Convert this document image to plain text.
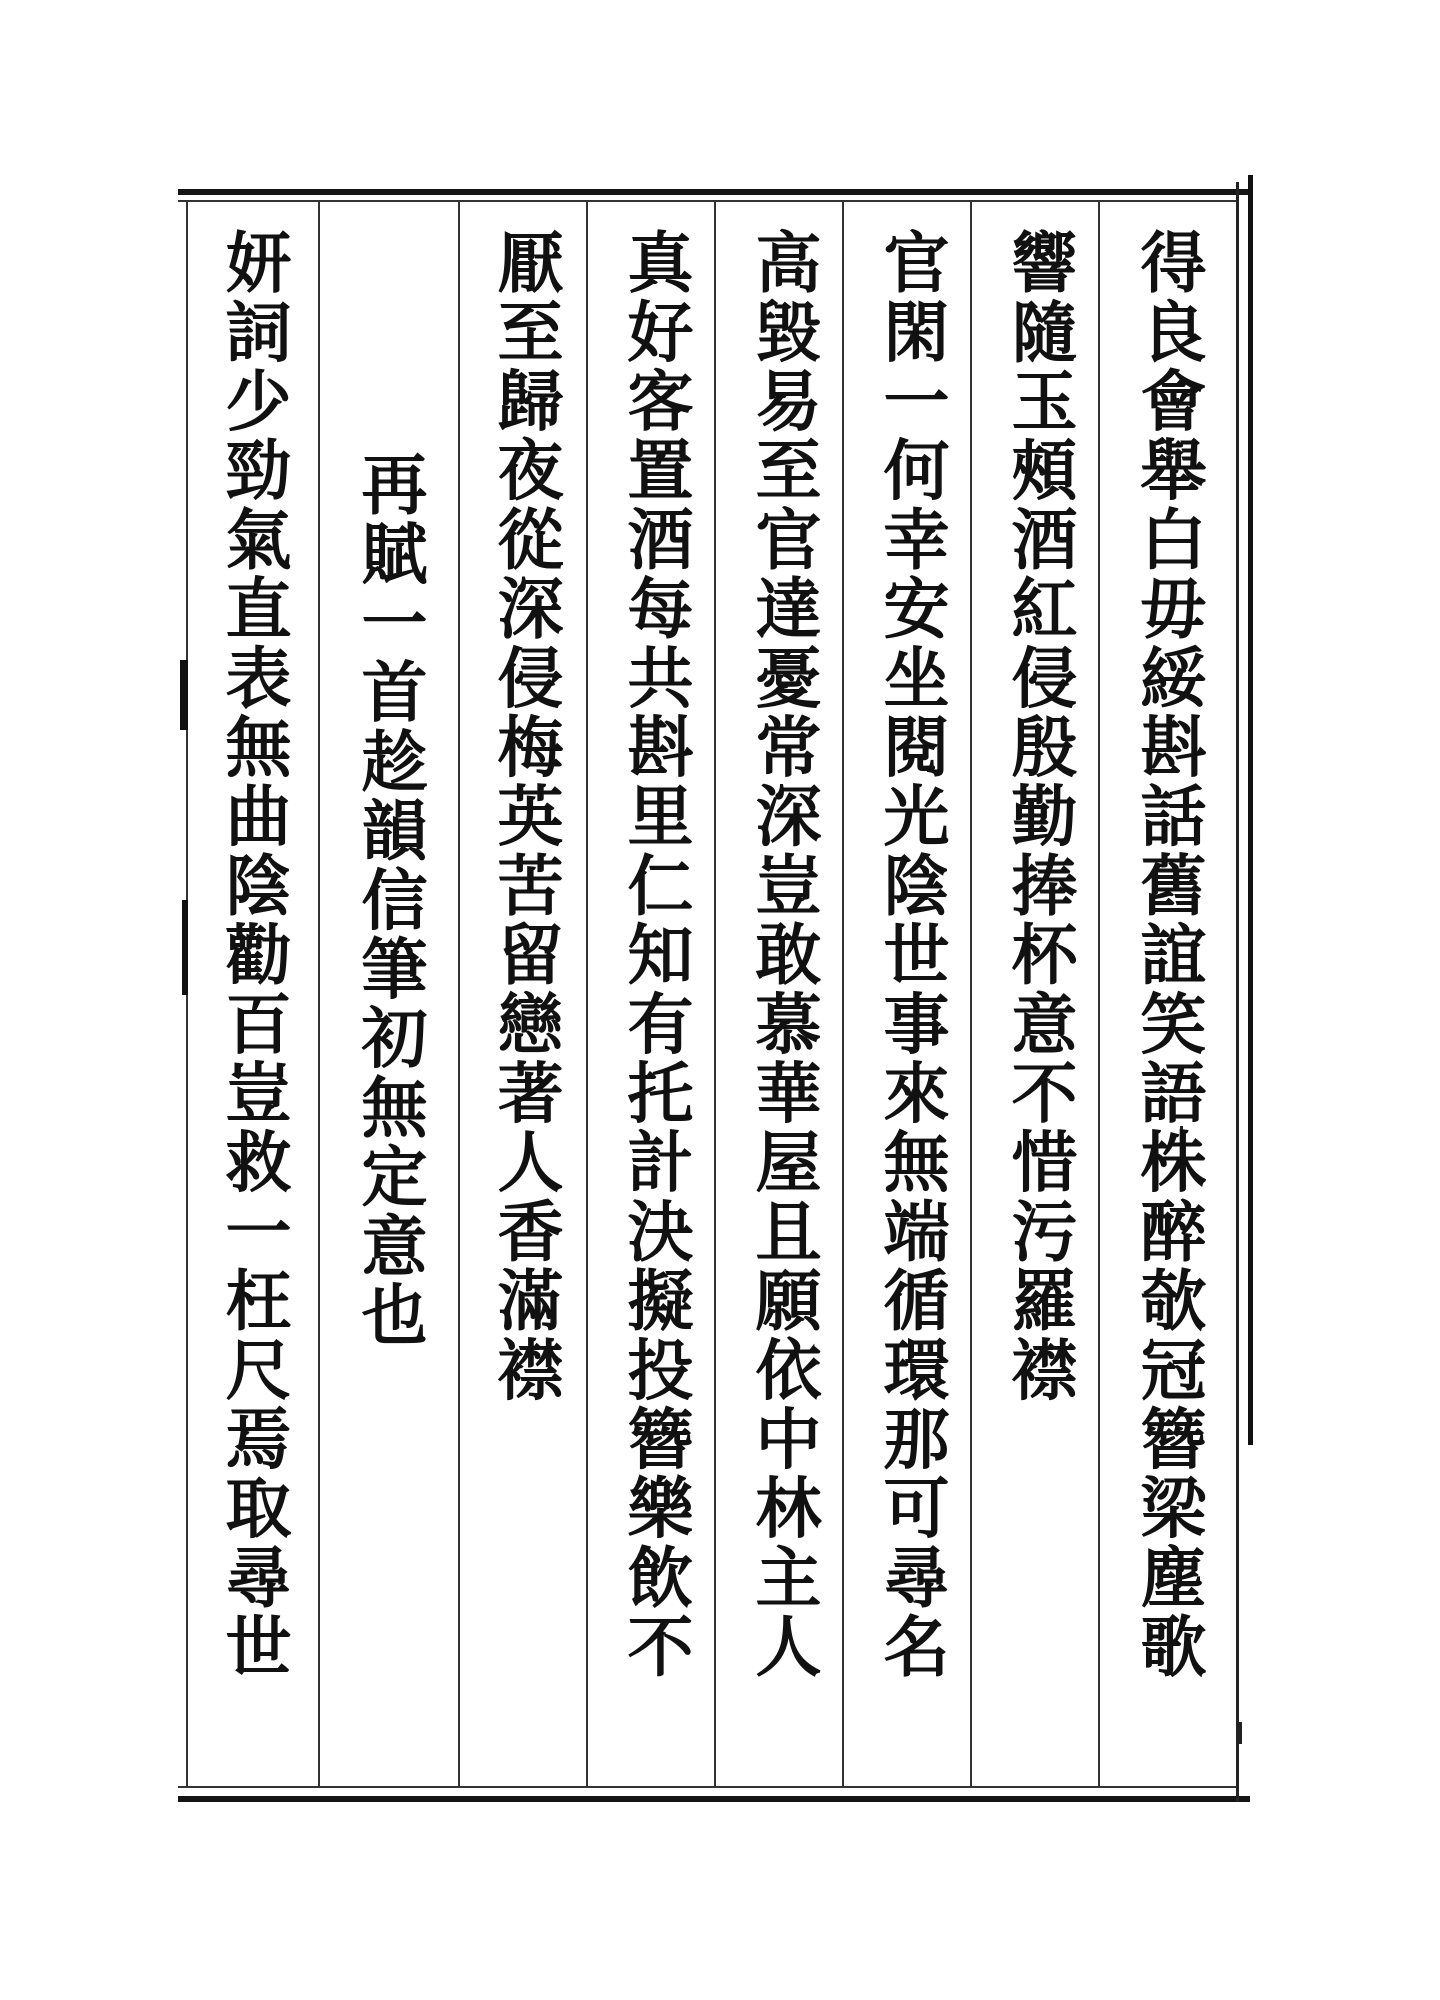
得良會舉白毋綏斟話舊誼笑語株醉欹冠簪梁塵歌
響隨玉頰酒紅侵殷勤捧杯意不惜污羅襟
官閑一何幸安坐閱光陰世事來無端循環那可尋名
高毀易至官達憂常深豈敢慕華屋且願依中林主人
真好客置酒每共斟里仁知有托計決擬投簪樂飲不
厭至歸夜從深侵梅英苦留戀著人香滿襟
再賦一首趁韻信筆初無定意也
妍詞少勁氣直表無曲陰勸百豈救一枉尺焉取尋世
